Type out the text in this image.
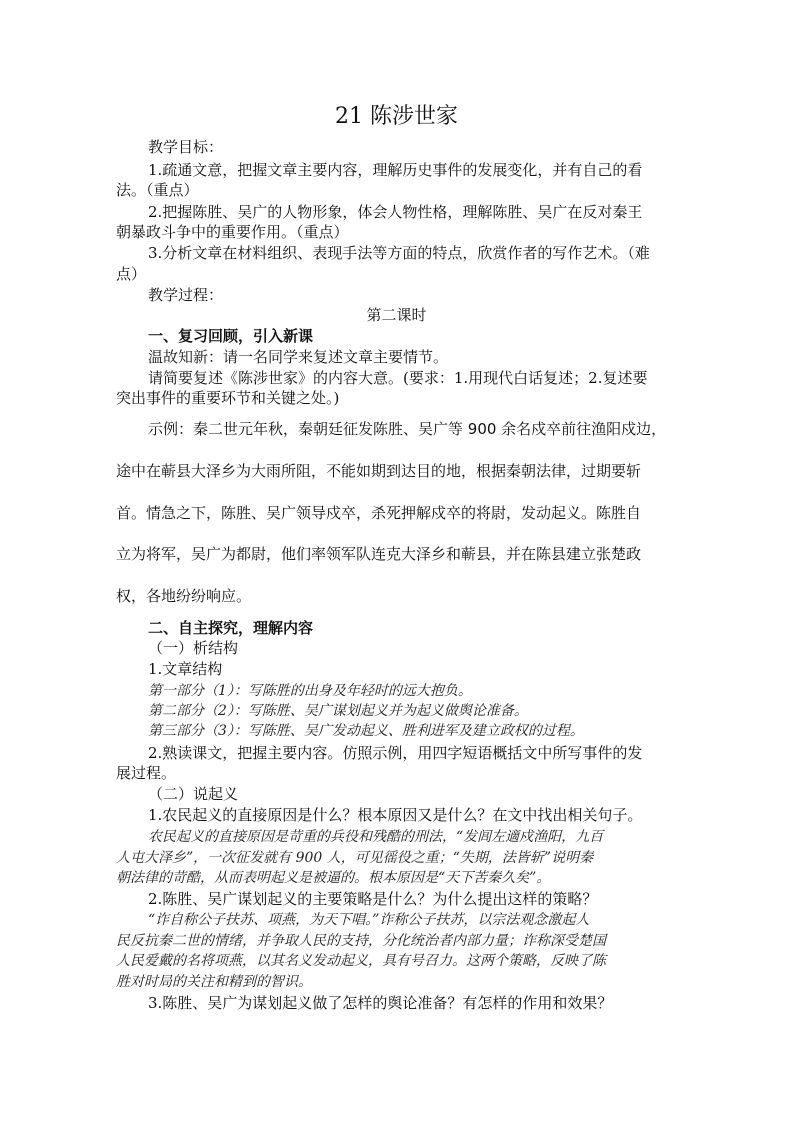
21 陈涉世家
教学目标：
1.疏通文意，把握文章主要内容，理解历史事件的发展变化，并有自己的看
法。（重点）
2.把握陈胜、吴广的人物形象，体会人物性格，理解陈胜、吴广在反对秦王
朝暴政斗争中的重要作用。（重点）
3.分析文章在材料组织、表现手法等方面的特点，欣赏作者的写作艺术。（难
点）
教学过程：
第二课时
一、复习回顾，引入新课
温故知新：请一名同学来复述文章主要情节。
请简要复述《陈涉世家》的内容大意。(要求：1.用现代白话复述；2.复述要
突出事件的重要环节和关键之处。)
示例：秦二世元年秋，秦朝廷征发陈胜、吴广等 900 余名戍卒前往渔阳戍边，
途中在蕲县大泽乡为大雨所阻，不能如期到达目的地，根据秦朝法律，过期要斩
首。情急之下，陈胜、吴广领导戍卒，杀死押解戍卒的将尉，发动起义。陈胜自
立为将军，吴广为都尉，他们率领军队连克大泽乡和蕲县，并在陈县建立张楚政
权，各地纷纷响应。
二、自主探究，理解内容
（一）析结构
1.文章结构
第一部分（1）：写陈胜的出身及年轻时的远大抱负。
第二部分（2）：写陈胜、吴广谋划起义并为起义做舆论准备。
第三部分（3）：写陈胜、吴广发动起义、胜利进军及建立政权的过程。
2.熟读课文，把握主要内容。仿照示例，用四字短语概括文中所写事件的发
展过程。
（二）说起义
1.农民起义的直接原因是什么？根本原因又是什么？在文中找出相关句子。
农民起义的直接原因是苛重的兵役和残酷的刑法，“发闾左適戍渔阳，九百
人屯大泽乡”，一次征发就有 900 人，可见徭役之重；“失期，法皆斩”说明秦
朝法律的苛酷，从而表明起义是被逼的。根本原因是“天下苦秦久矣”。
2.陈胜、吴广谋划起义的主要策略是什么？为什么提出这样的策略？
“诈自称公子扶苏、项燕，为天下唱。”诈称公子扶苏，以宗法观念激起人
民反抗秦二世的情绪，并争取人民的支持，分化统治者内部力量；诈称深受楚国
人民爱戴的名将项燕，以其名义发动起义，具有号召力。这两个策略，反映了陈
胜对时局的关注和精到的智识。
3.陈胜、吴广为谋划起义做了怎样的舆论准备？有怎样的作用和效果？
